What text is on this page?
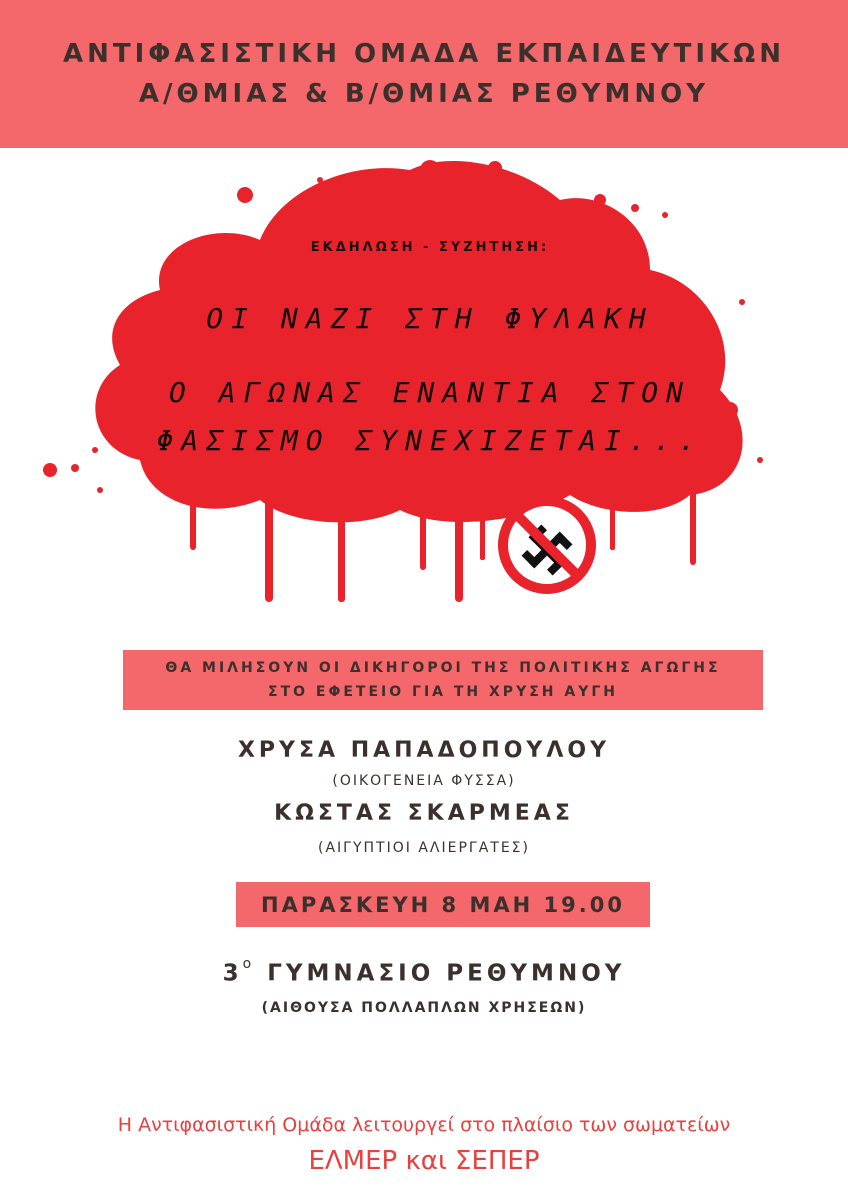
ΑΝΤΙΦΑΣΙΣΤΙΚΗ ΟΜΑΔΑ ΕΚΠΑΙΔΕΥΤΙΚΩΝ
Α/ΘΜΙΑΣ & Β/ΘΜΙΑΣ ΡΕΘΥΜΝΟΥ
ΕΚΔΗΛΩΣΗ - ΣΥΖΗΤΗΣΗ:
ΟΙ ΝΑΖΙ ΣΤΗ ΦΥΛΑΚΗ
Ο ΑΓΩΝΑΣ ΕΝΑΝΤΙΑ ΣΤΟΝ
ΦΑΣΙΣΜΟ ΣΥΝΕΧΙΖΕΤΑΙ...
ΘΑ ΜΙΛΗΣΟΥΝ ΟΙ ΔΙΚΗΓΟΡΟΙ ΤΗΣ ΠΟΛΙΤΙΚΗΣ ΑΓΩΓΗΣ
ΣΤΟ ΕΦΕΤΕΙΟ ΓΙΑ ΤΗ ΧΡΥΣΗ ΑΥΓΗ
ΧΡΥΣΑ ΠΑΠΑΔΟΠΟΥΛΟΥ
(ΟΙΚΟΓΕΝΕΙΑ ΦΥΣΣΑ)
ΚΩΣΤΑΣ ΣΚΑΡΜΕΑΣ
(ΑΙΓΥΠΤΙΟΙ ΑΛΙΕΡΓΑΤΕΣ)
ΠΑΡΑΣΚΕΥΗ 8 ΜΑΗ 19.00
$3^o$ ΓΥΜΝΑΣΙΟ ΡΕΘΥΜΝΟΥ
(ΑΙΘΟΥΣΑ ΠΟΛΛΑΠΛΩΝ ΧΡΗΣΕΩΝ)
Η Αντιφασιστική Ομάδα λειτουργεί στο πλαίσιο των σωματείων
ΕΛΜΕΡ και ΣΕΠΕΡ
